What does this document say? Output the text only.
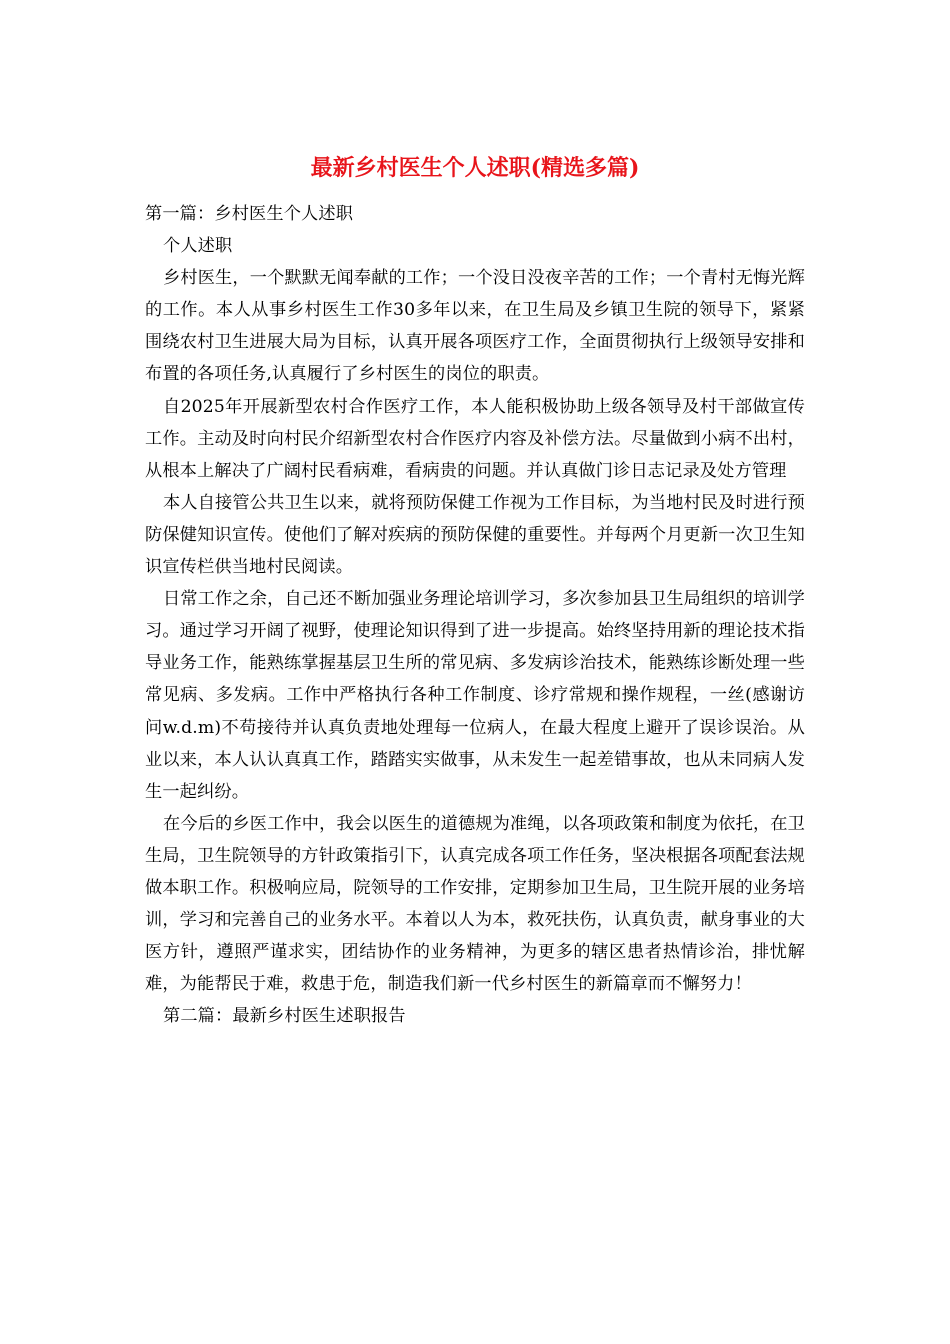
最新乡村医生个人述职(精选多篇)

第一篇：乡村医生个人述职

个人述职

乡村医生，一个默默无闻奉献的工作；一个没日没夜辛苦的工作；一个青村无悔光辉的工作。本人从事乡村医生工作30多年以来，在卫生局及乡镇卫生院的领导下，紧紧围绕农村卫生进展大局为目标，认真开展各项医疗工作，全面贯彻执行上级领导安排和布置的各项任务,认真履行了乡村医生的岗位的职责。

自2025年开展新型农村合作医疗工作，本人能积极协助上级各领导及村干部做宣传工作。主动及时向村民介绍新型农村合作医疗内容及补偿方法。尽量做到小病不出村，从根本上解决了广阔村民看病难，看病贵的问题。并认真做门诊日志记录及处方管理

本人自接管公共卫生以来，就将预防保健工作视为工作目标，为当地村民及时进行预防保健知识宣传。使他们了解对疾病的预防保健的重要性。并每两个月更新一次卫生知识宣传栏供当地村民阅读。

日常工作之余，自己还不断加强业务理论培训学习，多次参加县卫生局组织的培训学习。通过学习开阔了视野，使理论知识得到了进一步提高。始终坚持用新的理论技术指导业务工作，能熟练掌握基层卫生所的常见病、多发病诊治技术，能熟练诊断处理一些常见病、多发病。工作中严格执行各种工作制度、诊疗常规和操作规程，一丝(感谢访问w.d.m)不苟接待并认真负责地处理每一位病人，在最大程度上避开了误诊误治。从业以来，本人认认真真工作，踏踏实实做事，从未发生一起差错事故，也从未同病人发生一起纠纷。

在今后的乡医工作中，我会以医生的道德规为准绳，以各项政策和制度为依托，在卫生局，卫生院领导的方针政策指引下，认真完成各项工作任务，坚决根据各项配套法规做本职工作。积极响应局，院领导的工作安排，定期参加卫生局，卫生院开展的业务培训，学习和完善自己的业务水平。本着以人为本，救死扶伤，认真负责，献身事业的大医方针，遵照严谨求实，团结协作的业务精神，为更多的辖区患者热情诊治，排忧解难，为能帮民于难，救患于危，制造我们新一代乡村医生的新篇章而不懈努力！

第二篇：最新乡村医生述职报告
